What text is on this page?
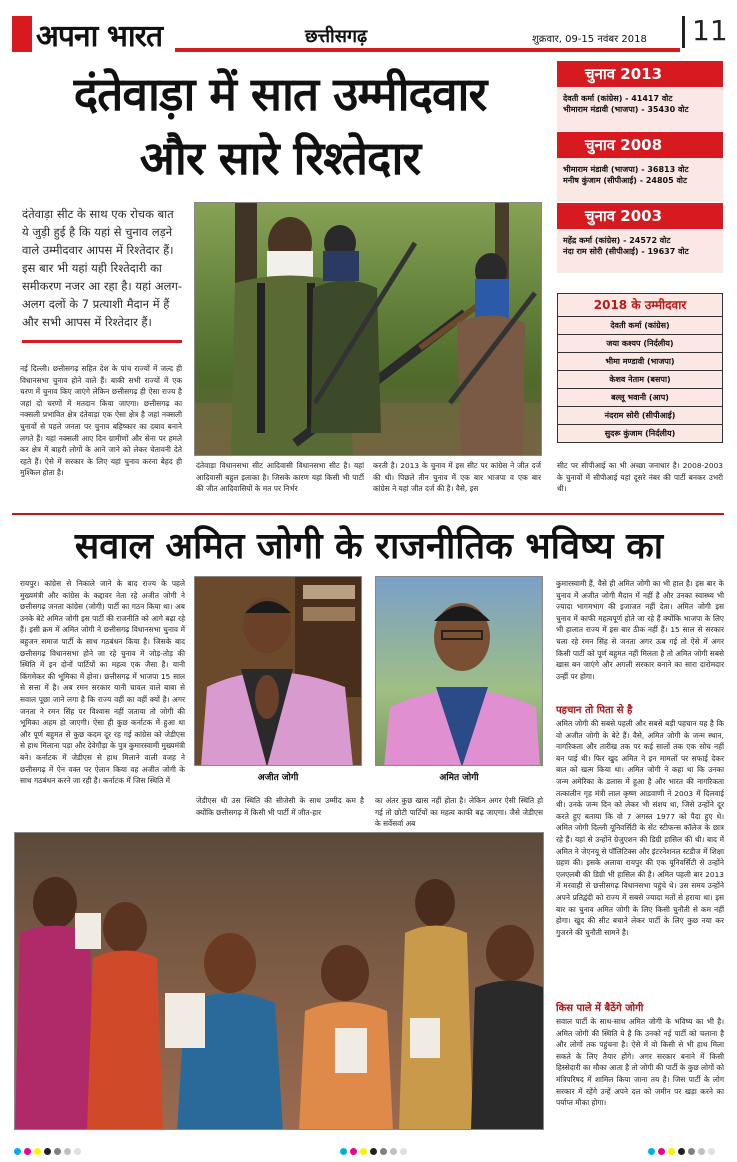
अपना भारत	छत्तीसगढ़	शुक्रवार, 09-15 नवंबर 2018 11
दंतेवाड़ा में सात उम्मीदवार
और सारे रिश्तेदार
दंतेवाड़ा सीट के साथ एक रोचक बात ये जुड़ी हुई है कि यहां से चुनाव लड़ने वाले उम्मीदवार आपस में रिश्तेदार हैं। इस बार भी यहां यही रिश्तेदारी का समीकरण नजर आ रहा है। यहां अलग-अलग दलों के 7 प्रत्याशी मैदान में हैं और सभी आपस में रिश्तेदार हैं।
नई दिल्ली। छत्तीसगढ़ सहित देश के पांच राज्यों में जल्द ही विधानसभा चुनाव होने वाले हैं। बाकी सभी राज्यों में एक चरण में चुनाव किए जाएंगे लेकिन छत्तीसगढ़ ही ऐसा राज्य है जहां दो चरणों में मतदान किया जाएगा। छत्तीसगढ़ का नक्सली प्रभावित क्षेत्र दंतेवाड़ा एक ऐसा क्षेत्र है जहां नक्सली चुनावों से पहले जनता पर चुनाव बहिष्कार का दबाव बनाने लगते हैं। यहां नक्सली आए दिन ग्रामीणों और सेना पर हमले कर क्षेत्र में बाहरी लोगों के आने जाने को लेकर चेतावनी देते रहते हैं। ऐसे में सरकार के लिए यहां चुनाव करना बेहद ही मुश्किल होता है।
दंतेवाड़ा विधानसभा सीट आदिवासी विधानसभा सीट है। यहां आदिवासी बहुल इलाका है। जिसके कारण यहां किसी भी पार्टी की जीत आदिवासियों के मत पर निर्भर
करती है। 2013 के चुनाव में इस सीट पर कांग्रेस ने जीत दर्ज की थी। पिछले तीन चुनाव में एक बार भाजपा व एक बार कांग्रेस ने यहां जीत दर्ज की है। वैसे, इस
सीट पर सीपीआई का भी अच्छा जनाधार है। 2008-2003 के चुनावों में सीपीआई यहां दूसरे नंबर की पार्टी बनकर उभरी थी।
चुनाव 2013
देवती कर्मा (कांग्रेस) - 41417 वोट
भीमाराम मंडावी (भाजपा) - 35430 वोट
चुनाव 2008
भीमाराम मंडावी (भाजपा) - 36813 वोट
मनीष कुंजाम (सीपीआई) - 24805 वोट
चुनाव 2003
महेंद्र कर्मा (कांग्रेस) - 24572 वोट
नंदा राम सोरी (सीपीआई) - 19637 वोट
2018 के उम्मीदवार
देवती कर्मा (कांग्रेस)
जया कश्यप (निर्दलीय)
भीमा मण्डावी (भाजपा)
केशव नेताम (बसपा)
बल्लू भवानी (आप)
नंदराम सोरी (सीपीआई)
सुदरू कुंजाम (निर्दलीय)
सवाल अमित जोगी के राजनीतिक भविष्य का
रायपुर। कांग्रेस से निकाले जाने के बाद राज्य के पहले मुख्यमंत्री और कांग्रेस के कद्दावर नेता रहे अजीत जोगी ने छत्तीसगढ़ जनता कांग्रेस (जोगी) पार्टी का गठन किया था। अब उनके बेटे अमित जोगी इस पार्टी की राजनीति को आगे बढ़ा रहे हैं। इसी क्रम में अमित जोगी ने छत्तीसगढ़ विधानसभा चुनाव में बहुजन समाज पार्टी के साथ गठबंधन किया है। जिसके बाद छत्तीसगढ़ विधानसभा होने जा रहे चुनाव में जोड़-तोड़ की स्थिति में इन दोनों पार्टियों का महत्व एक जैसा है। यानी किंगमेकर की भूमिका में होना। छत्तीसगढ़ में भाजपा 15 साल से सत्ता में है। अब रमन सरकार यानी चावल वाले बाबा से सवाल पूछा जाने लगा है कि राज्य वहीं का वहीं क्यों है। अगर जनता ने रमन सिंह पर विश्वास नहीं जताया तो जोगी की भूमिका अहम हो जाएगी। ऐसा ही कुछ कर्नाटक में हुआ था और पूर्ण बहुमत से कुछ कदम दूर रह गई कांग्रेस को जेडीएस से हाथ मिलाना पड़ा और देवेगौड़ा के पुत्र कुमारस्वामी मुख्यमंत्री बने। कर्नाटक में जेडीएस से हाथ मिलाने वाली वजह ने छत्तीसगढ़ में ऐन वक्त पर ऐलान किया वह अजीत जोगी के साथ गठबंधन करने जा रही है। कर्नाटक में जिस स्थिति में	अजीत जोगी	अमित जोगी
जेडीएस थी उस स्थिति की सीजेसी के साथ उम्मीद कम है क्योंकि छत्तीसगढ़ में किसी भी पार्टी में जीत-हार
का अंतर कुछ खास नहीं होता है। लेकिन अगर ऐसी स्थिति हो गई तो छोटी पार्टियों का महत्व काफी बढ़ जाएगा। जैसे जेडीएस के सर्वेसर्वा अब
कुमारस्वामी हैं, वैसे ही अमित जोगी का भी हाल है। इस बार के चुनाव में अजीत जोगी मैदान में नहीं है और उनका स्वास्थ्य भी ज्यादा भागमभाग की इजाजत नहीं देता। अमित जोगी इस चुनाव में काफी महत्वपूर्ण होते जा रहे हैं क्योंकि भाजपा के लिए भी हालात राज्य में इस बार ठीक नहीं हैं। 15 साल से सरकार चला रहे रमन सिंह से जनता अगर ऊब गई तो ऐसे में अगर किसी पार्टी को पूर्ण बहुमत नहीं मिलता है तो अमित जोगी सबसे खास बन जाएंगे और अगली सरकार बनाने का सारा दारोमदार उन्हीं पर होगा।
पहचान तो पिता से है
अमित जोगी की सबसे पहली और सबसे बड़ी पहचान यह है कि वो अजीत जोगी के बेटे हैं। वैसे, अमित जोगी के जन्म स्थान, नागरिकता और तारीख तक पर कई सालों तक एक सोच नहीं बन पाई थी। फिर खुद अमित ने इन मामलों पर सफाई देकर बात को खत्म किया था। अमित जोगी ने कहा था कि उनका जन्म अमेरिका के डलास में हुआ है और भारत की नागरिकता तत्कालीन गृह मंत्री लाल कृष्ण आडवाणी ने 2003 में दिलवाई थी। उनके जन्म दिन को लेकर भी संशय था, जिसे उन्होंने दूर करते हुए बताया कि वो 7 अगस्त 1977 को पैदा हुए थे। अमित जोगी दिल्ली यूनिवर्सिटी के सेंट स्टीफन्स कॉलेज के छात्र रहे हैं। यहां से उन्होंने ग्रेजुएशन की डिग्री हासिल की थी। बाद में अमित ने जेएनयू से पॉलिटिक्स और इंटरनेशनल स्टडीज में शिक्षा ग्रहण की। इसके अलावा रायपुर की एक यूनिवर्सिटी से उन्होंने एलएलबी की डिग्री भी हासिल की है। अमित पहली बार 2013 में मरवाही से छत्तीसगढ़ विधानसभा पहुंचे थे। उस समय उन्होंने अपने प्रतिद्वंदी को राज्य में सबसे ज्यादा मतों से हराया था। इस बार का चुनाव अमित जोगी के लिए किसी चुनौती से कम नहीं होगा। खुद की सीट बचाने लेकर पार्टी के लिए कुछ नया कर गुजरने की चुनौती सामने है।
किस पाले में बैठेंगे जोगी
सवाल पार्टी के साथ-साथ अमित जोगी के भविष्य का भी है। अमित जोगी की स्थिति ये है कि उनको नई पार्टी को चलाना है और लोगों तक पहुंचना है। ऐसे में वो किसी से भी हाथ मिला सकते के लिए तैयार होंगे। अगर सरकार बनाने में किसी हिस्सेदारी का मौका आता है तो जोगी की पार्टी के कुछ लोगों को मंत्रिपरिषद में शामिल किया जाना तय है। जिस पार्टी के लोग सरकार में रहेंगे उन्हें अपने दल को जमीन पर खड़ा करने का पर्याप्त मौका होगा।
